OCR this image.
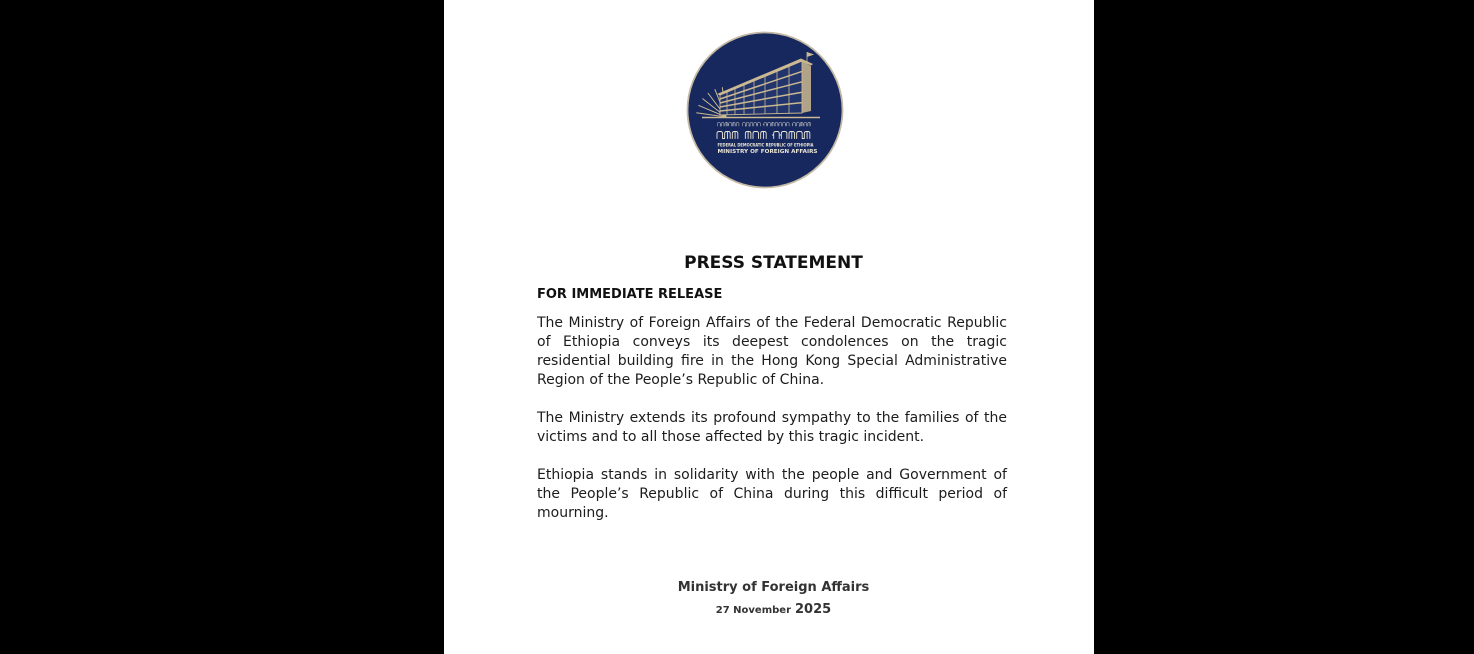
FEDERAL DEMOCRATIC REPUBLIC OF ETHIOPIA
MINISTRY OF FOREIGN AFFAIRS
PRESS STATEMENT
FOR IMMEDIATE RELEASE

The Ministry of Foreign Affairs of the Federal Democratic Republic of Ethiopia conveys its deepest condolences on the tragic residential building fire in the Hong Kong Special Administrative Region of the People’s Republic of China.

The Ministry extends its profound sympathy to the families of the victims and to all those affected by this tragic incident.

Ethiopia stands in solidarity with the people and Government of the People’s Republic of China during this difficult period of mourning.

Ministry of Foreign Affairs
27 November 2025
